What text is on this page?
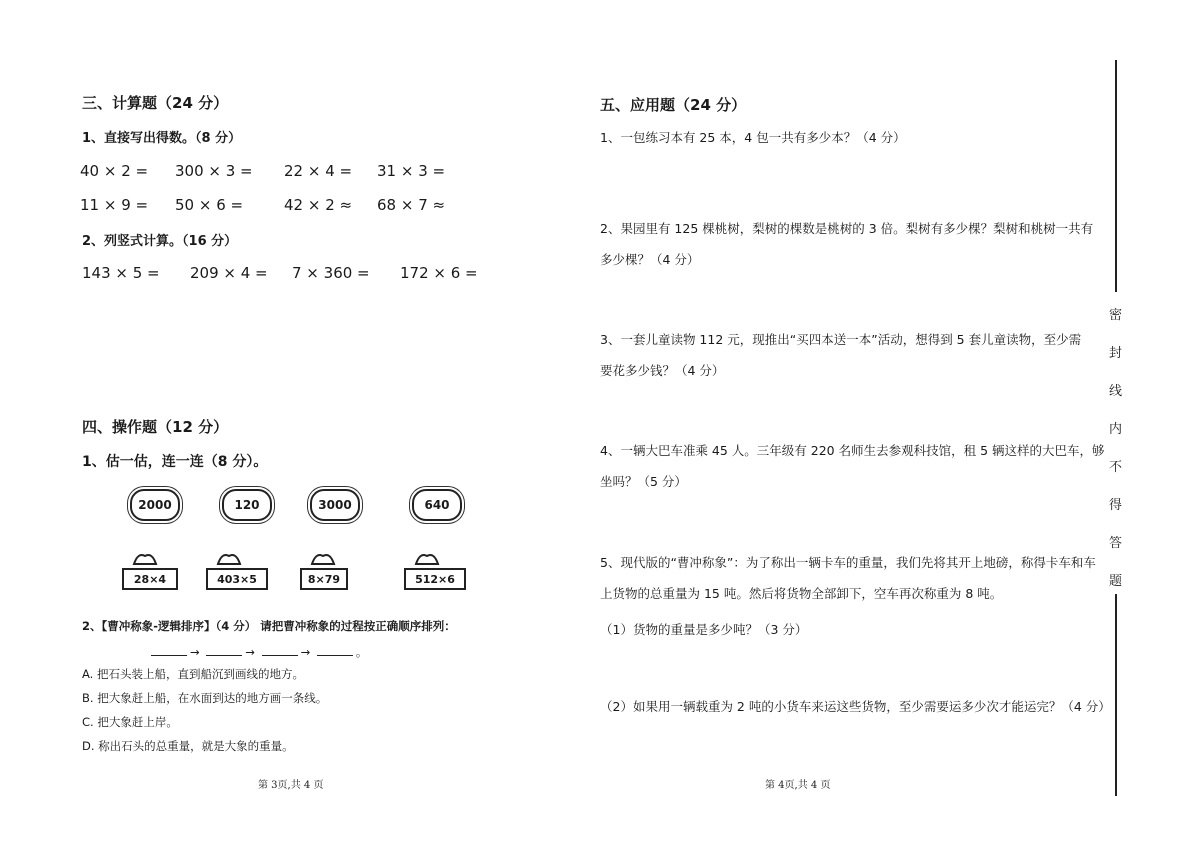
三、计算题（24 分）
1、直接写出得数。（8 分）
40 × 2 = 300 × 3 = 22 × 4 = 31 × 3 =
11 × 9 = 50 × 6 =	42 × 2 ≈ 68 × 7 ≈
2、列竖式计算。（16 分）
143 × 5 = 209 × 4 = 7 × 360 = 172 × 6 =
四、操作题（12 分）
1、估一估，连一连（8 分）。
2000	120	3000	640
28×4	403×5	8×79	512×6
2、【曹冲称象-逻辑排序】（4 分） 请把曹冲称象的过程按正确顺序排列：
→	→	→	。
A. 把石头装上船，直到船沉到画线的地方。
B. 把大象赶上船，在水面到达的地方画一条线。
C. 把大象赶上岸。
D. 称出石头的总重量，就是大象的重量。
第 3页,共 4 页
五、应用题（24 分）
1、一包练习本有 25 本，4 包一共有多少本？（4 分）
2、果园里有 125 棵桃树，梨树的棵数是桃树的 3 倍。梨树有多少棵？梨树和桃树一共有
多少棵？（4 分）
3、一套儿童读物 112 元，现推出“买四本送一本”活动，想得到 5 套儿童读物，至少需
要花多少钱？（4 分）
4、一辆大巴车准乘 45 人。三年级有 220 名师生去参观科技馆，租 5 辆这样的大巴车，够
坐吗？（5 分）
5、现代版的“曹冲称象”：为了称出一辆卡车的重量，我们先将其开上地磅，称得卡车和车
上货物的总重量为 15 吨。然后将货物全部卸下，空车再次称重为 8 吨。
（1）货物的重量是多少吨？（3 分）
（2）如果用一辆载重为 2 吨的小货车来运这些货物，至少需要运多少次才能运完？（4 分）
第 4页,共 4 页
密
封
线
内
不
得
答
题
